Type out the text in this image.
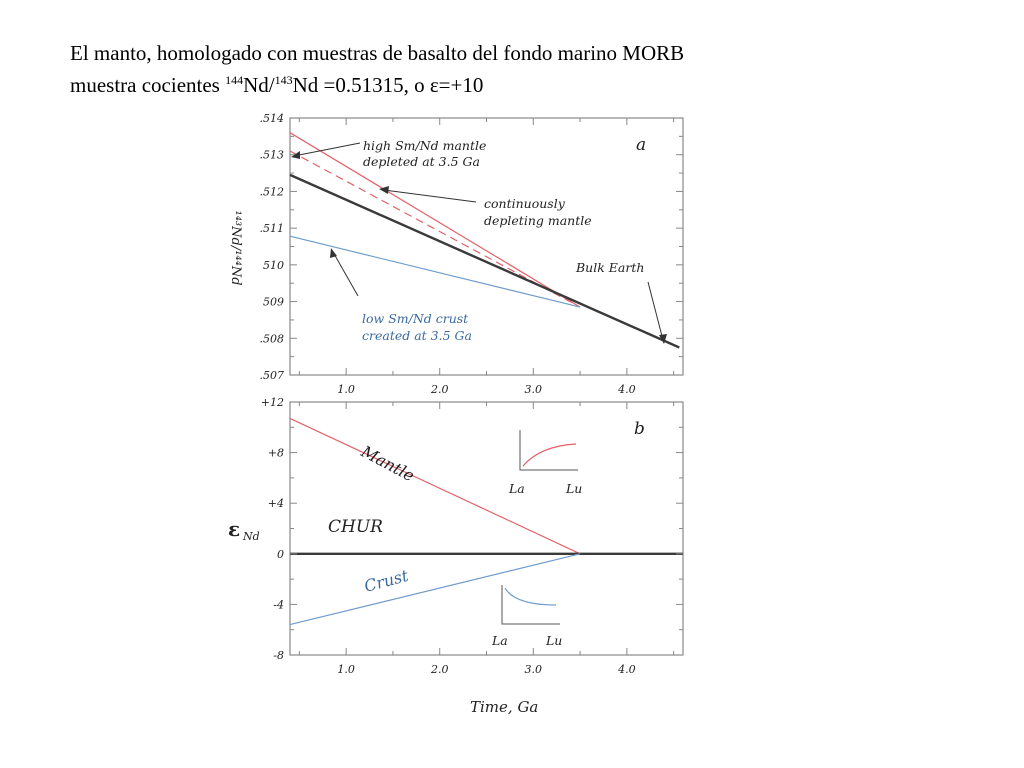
El manto, homologado con muestras de basalto del fondo marino MORB
muestra cocientes $^{144}$Nd/$^{143}$Nd =0.51315, o ε=+10
.507
.508
509
510
.511
.512
.513
.514
1.0	2.0	3.0	4.0
a
¹⁴³Nd/¹⁴⁴Nd
high Sm/Nd mantle
depleted at 3.5 Ga
continuously
depleting mantle
Bulk Earth
low Sm/Nd crust
created at 3.5 Ga
-8
-4
0
+4
+8
+12
1.0	2.0	3.0	4.0
b
ε Nd
Mantle
CHUR
Crust
La	Lu
La	Lu
Time, Ga
